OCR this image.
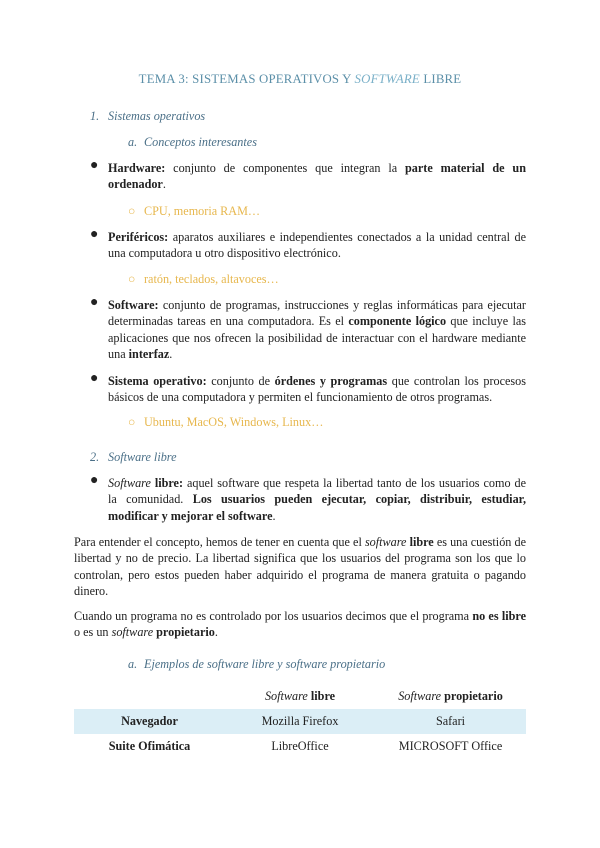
TEMA 3: SISTEMAS OPERATIVOS Y SOFTWARE LIBRE
1. Sistemas operativos
a. Conceptos interesantes
● Hardware: conjunto de componentes que integran la parte material de un ordenador.
○ CPU, memoria RAM…
● Periféricos: aparatos auxiliares e independientes conectados a la unidad central de una computadora u otro dispositivo electrónico.
○ ratón, teclados, altavoces…
● Software: conjunto de programas, instrucciones y reglas informáticas para ejecutar determinadas tareas en una computadora. Es el componente lógico que incluye las aplicaciones que nos ofrecen la posibilidad de interactuar con el hardware mediante una interfaz.
● Sistema operativo: conjunto de órdenes y programas que controlan los procesos básicos de una computadora y permiten el funcionamiento de otros programas.
○ Ubuntu, MacOS, Windows, Linux…
2. Software libre
● Software libre: aquel software que respeta la libertad tanto de los usuarios como de la comunidad. Los usuarios pueden ejecutar, copiar, distribuir, estudiar, modificar y mejorar el software.
Para entender el concepto, hemos de tener en cuenta que el software libre es una cuestión de libertad y no de precio. La libertad significa que los usuarios del programa son los que lo controlan, pero estos pueden haber adquirido el programa de manera gratuita o pagando dinero.
Cuando un programa no es controlado por los usuarios decimos que el programa no es libre o es un software propietario.
a. Ejemplos de software libre y software propietario
	Software libre	Software propietario
Navegador	Mozilla Firefox	Safari
Suite Ofimática	LibreOffice	MICROSOFT Office
